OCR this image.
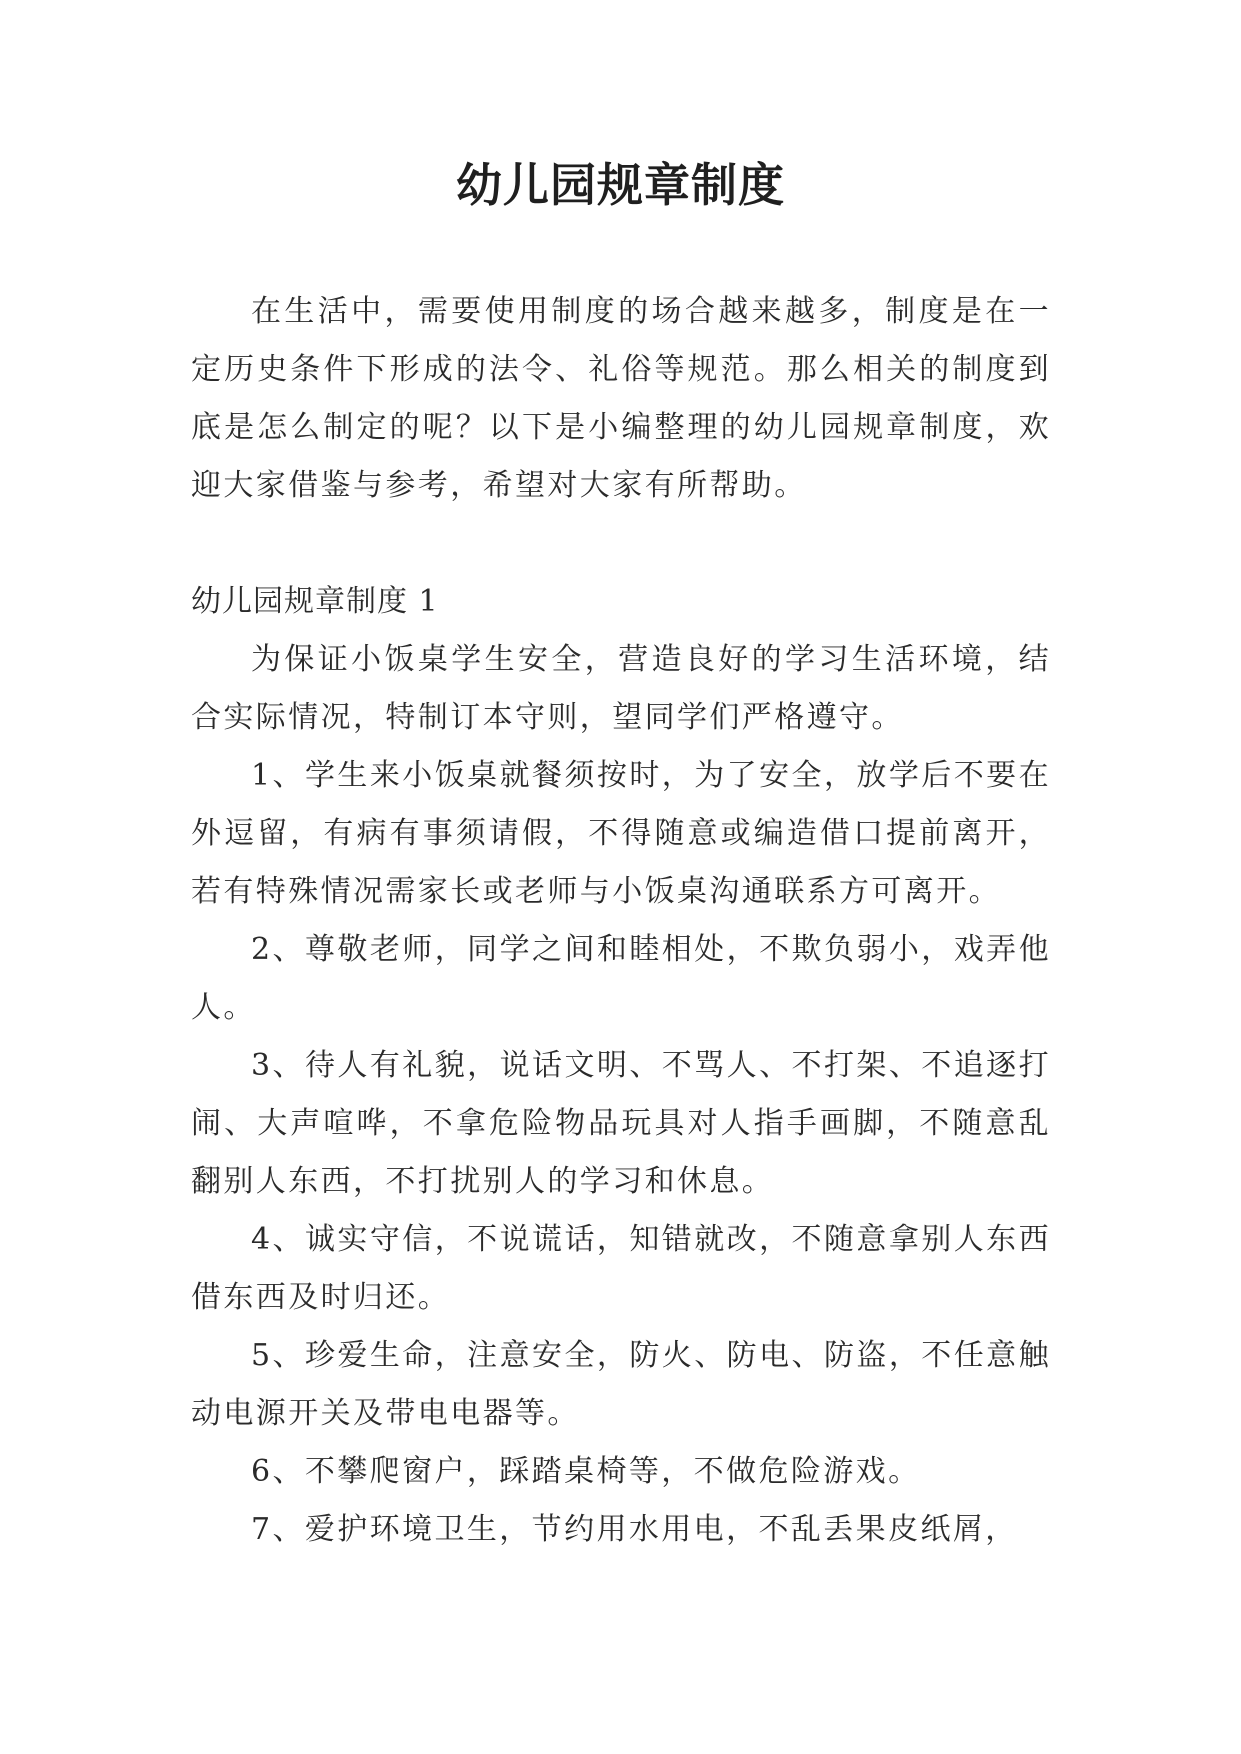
幼儿园规章制度

在生活中，需要使用制度的场合越来越多，制度是在一定历史条件下形成的法令、礼俗等规范。那么相关的制度到底是怎么制定的呢？以下是小编整理的幼儿园规章制度，欢迎大家借鉴与参考，希望对大家有所帮助。

幼儿园规章制度 1

为保证小饭桌学生安全，营造良好的学习生活环境，结合实际情况，特制订本守则，望同学们严格遵守。

1、学生来小饭桌就餐须按时，为了安全，放学后不要在外逗留，有病有事须请假，不得随意或编造借口提前离开，若有特殊情况需家长或老师与小饭桌沟通联系方可离开。

2、尊敬老师，同学之间和睦相处，不欺负弱小，戏弄他人。

3、待人有礼貌，说话文明、不骂人、不打架、不追逐打闹、大声喧哗，不拿危险物品玩具对人指手画脚，不随意乱翻别人东西，不打扰别人的学习和休息。

4、诚实守信，不说谎话，知错就改，不随意拿别人东西借东西及时归还。

5、珍爱生命，注意安全，防火、防电、防盗，不任意触动电源开关及带电电器等。

6、不攀爬窗户，踩踏桌椅等，不做危险游戏。

7、爱护环境卫生，节约用水用电，不乱丢果皮纸屑，
